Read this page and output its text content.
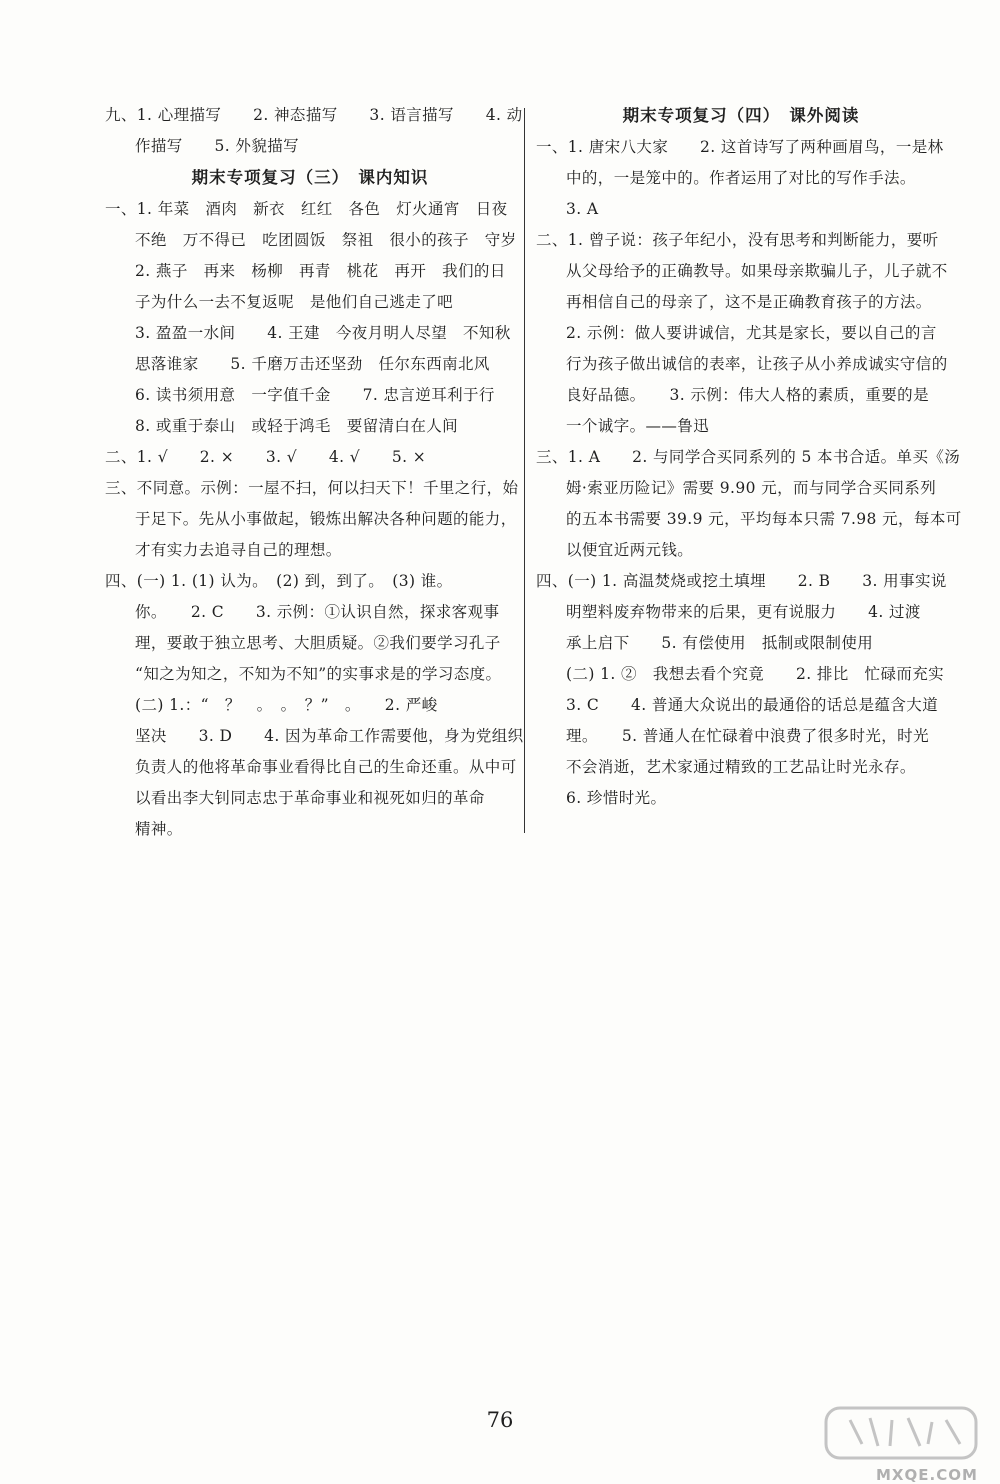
九、1. 心理描写　　2. 神态描写　　3. 语言描写　　4. 动
作描写　　5. 外貌描写
期末专项复习（三）　课内知识
一、1. 年菜　酒肉　新衣　红红　各色　灯火通宵　日夜
不绝　万不得已　吃团圆饭　祭祖　很小的孩子　守岁
2. 燕子　再来　杨柳　再青　桃花　再开　我们的日
子为什么一去不复返呢　是他们自己逃走了吧
3. 盈盈一水间　　4. 王建　今夜月明人尽望　不知秋
思落谁家　　5. 千磨万击还坚劲　任尔东西南北风
6. 读书须用意　一字值千金　　7. 忠言逆耳利于行
8. 或重于泰山　或轻于鸿毛　要留清白在人间
二、1. √　　2. ×　　3. √　　4. √　　5. ×
三、不同意。示例：一屋不扫，何以扫天下！千里之行，始
于足下。先从小事做起，锻炼出解决各种问题的能力，
才有实力去追寻自己的理想。
四、(一) 1. (1) 认为。　(2) 到，到了。　(3) 谁。
你。　　2. C　　3. 示例：①认识自然，探求客观事
理，要敢于独立思考、大胆质疑。②我们要学习孔子
“知之为知之，不知为不知”的实事求是的学习态度。
(二) 1.：“　？　。　。　？”　。　　2. 严峻
坚决　　3. D　　4. 因为革命工作需要他，身为党组织
负责人的他将革命事业看得比自己的生命还重。从中可
以看出李大钊同志忠于革命事业和视死如归的革命
精神。
期末专项复习（四）　课外阅读
一、1. 唐宋八大家　　2. 这首诗写了两种画眉鸟，一是林
中的，一是笼中的。作者运用了对比的写作手法。
3. A
二、1. 曾子说：孩子年纪小，没有思考和判断能力，要听
从父母给予的正确教导。如果母亲欺骗儿子，儿子就不
再相信自己的母亲了，这不是正确教育孩子的方法。
2. 示例：做人要讲诚信，尤其是家长，要以自己的言
行为孩子做出诚信的表率，让孩子从小养成诚实守信的
良好品德。　　3. 示例：伟大人格的素质，重要的是
一个诚字。——鲁迅
三、1. A　　2. 与同学合买同系列的 5 本书合适。单买《汤
姆·索亚历险记》需要 9.90 元，而与同学合买同系列
的五本书需要 39.9 元，平均每本只需 7.98 元，每本可
以便宜近两元钱。
四、(一) 1. 高温焚烧或挖土填埋　　2. B　　3. 用事实说
明塑料废弃物带来的后果，更有说服力　　4. 过渡
承上启下　　5. 有偿使用　抵制或限制使用
(二) 1. ②　我想去看个究竟　　2. 排比　忙碌而充实
3. C　　4. 普通大众说出的最通俗的话总是蕴含大道
理。　　5. 普通人在忙碌着中浪费了很多时光，时光
不会消逝，艺术家通过精致的工艺品让时光永存。
6. 珍惜时光。
76
MXQE.COM
